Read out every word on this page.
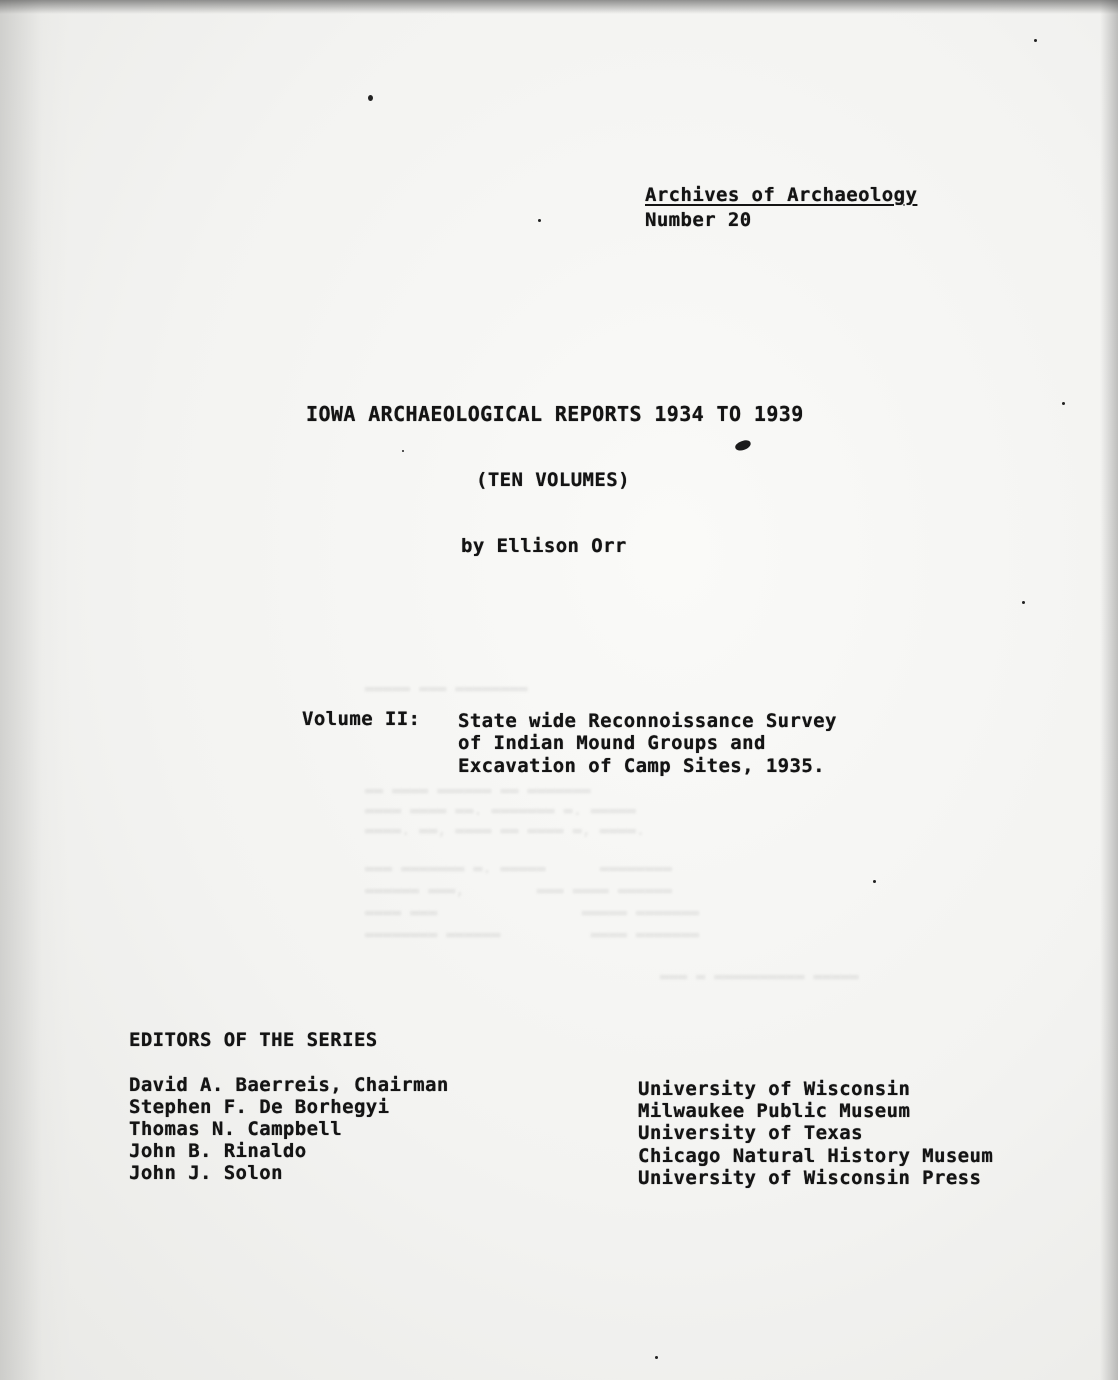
▬▬▬▬▬ ▬▬▬ ▬▬▬▬▬▬▬▬
▬▬ ▬▬▬▬ ▬▬▬▬▬▬ ▬▬ ▬▬▬▬▬▬▬
▬▬▬▬ ▬▬▬▬ ▬▬. ▬▬▬▬▬▬▬ ▬. ▬▬▬▬▬
▬▬▬▬. ▬▬, ▬▬▬▬ ▬▬ ▬▬▬▬ ▬, ▬▬▬▬.
▬▬▬ ▬▬▬▬▬▬▬ ▬. ▬▬▬▬▬      ▬▬▬▬▬▬▬▬
▬▬▬▬▬▬ ▬▬▬,        ▬▬▬ ▬▬▬▬ ▬▬▬▬▬▬
▬▬▬▬ ▬▬▬                ▬▬▬▬▬ ▬▬▬▬▬▬▬
▬▬▬▬▬▬▬▬ ▬▬▬▬▬▬          ▬▬▬▬ ▬▬▬▬▬▬▬
▬▬▬ ▬ ▬▬▬▬▬▬▬▬▬▬ ▬▬▬▬▬
Archives of Archaeology
Number 20
IOWA ARCHAEOLOGICAL REPORTS 1934 TO 1939
(TEN VOLUMES)
by Ellison Orr
Volume II: State wide Reconnoissance Survey
of Indian Mound Groups and
Excavation of Camp Sites, 1935.
EDITORS OF THE SERIES
David A. Baerreis, Chairman
Stephen F. De Borhegyi
Thomas N. Campbell
John B. Rinaldo
John J. Solon
University of Wisconsin
Milwaukee Public Museum
University of Texas
Chicago Natural History Museum
University of Wisconsin Press
